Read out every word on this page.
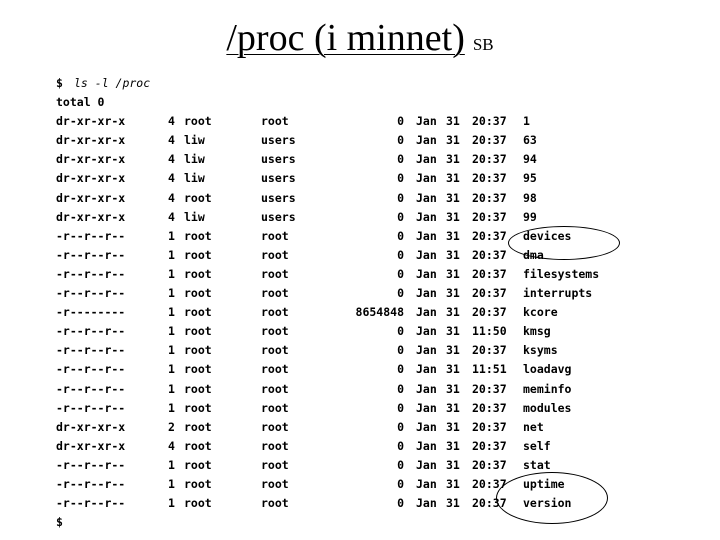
/proc (i minnet) SB
$ ls -l /proc
total 0
dr-xr-xr-x	4 root	root	0 Jan 31 20:37 1
dr-xr-xr-x	4 liw	users	0 Jan 31 20:37 63
dr-xr-xr-x	4 liw	users	0 Jan 31 20:37 94
dr-xr-xr-x	4 liw	users	0 Jan 31 20:37 95
dr-xr-xr-x	4 root	users	0 Jan 31 20:37 98
dr-xr-xr-x	4 liw	users	0 Jan 31 20:37 99
-r--r--r--	1 root	root	0 Jan 31 20:37 devices
-r--r--r--	1 root	root	0 Jan 31 20:37 dma
-r--r--r--	1 root	root	0 Jan 31 20:37 filesystems
-r--r--r--	1 root	root	0 Jan 31 20:37 interrupts
-r--------	1 root	root	8654848 Jan 31 20:37 kcore
-r--r--r--	1 root	root	0 Jan 31 11:50 kmsg
-r--r--r--	1 root	root	0 Jan 31 20:37 ksyms
-r--r--r--	1 root	root	0 Jan 31 11:51 loadavg
-r--r--r--	1 root	root	0 Jan 31 20:37 meminfo
-r--r--r--	1 root	root	0 Jan 31 20:37 modules
dr-xr-xr-x	2 root	root	0 Jan 31 20:37 net
dr-xr-xr-x	4 root	root	0 Jan 31 20:37 self
-r--r--r--	1 root	root	0 Jan 31 20:37 stat
-r--r--r--	1 root	root	0 Jan 31 20:37 uptime
-r--r--r--	1 root	root	0 Jan 31 20:37 version
$
